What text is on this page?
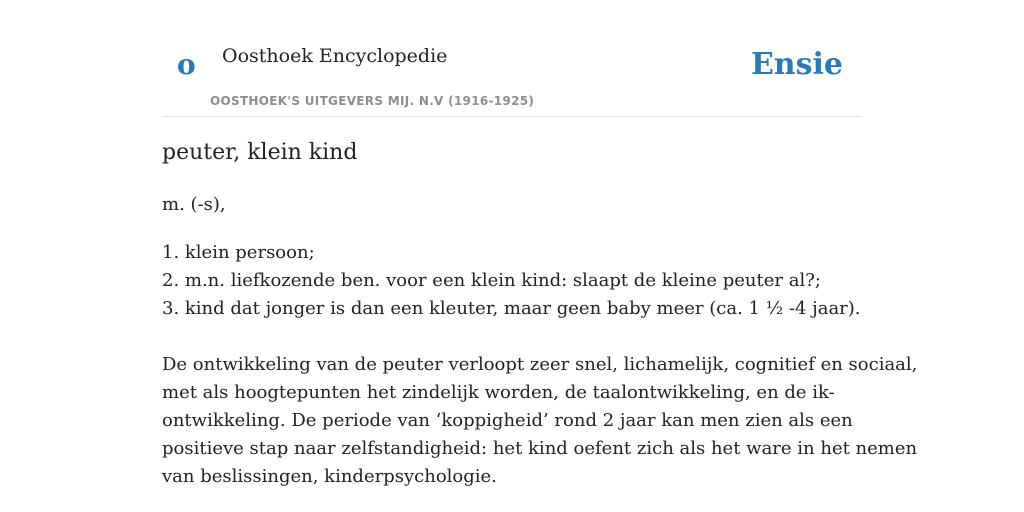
o Oosthoek Encyclopedie
OOSTHOEK'S UITGEVERS MIJ. N.V (1916-1925)
Ensie
peuter, klein kind
m. (-s),
1. klein persoon;
2. m.n. liefkozende ben. voor een klein kind: slaapt de kleine peuter al?;
3. kind dat jonger is dan een kleuter, maar geen baby meer (ca. 1 ½ -4 jaar).
De ontwikkeling van de peuter verloopt zeer snel, lichamelijk, cognitief en sociaal,
met als hoogtepunten het zindelijk worden, de taalontwikkeling, en de ik-
ontwikkeling. De periode van ‘koppigheid’ rond 2 jaar kan men zien als een
positieve stap naar zelfstandigheid: het kind oefent zich als het ware in het nemen
van beslissingen, kinderpsychologie.
